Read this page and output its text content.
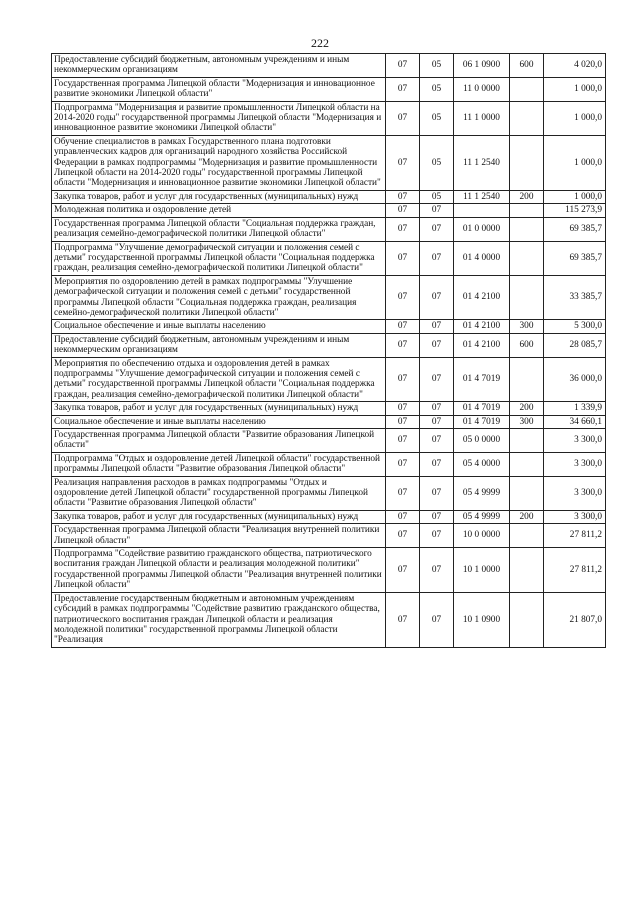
222
Предоставление субсидий бюджетным, автономным учреждениям и иным некоммерческим организациям	07	05	06 1 0900	600	4 020,0
Государственная программа Липецкой области "Модернизация и инновационное развитие экономики Липецкой области"	07	05	11 0 0000		1 000,0
Подпрограмма "Модернизация и развитие промышленности Липецкой области на 2014-2020 годы" государственной программы Липецкой области "Модернизация и инновационное развитие экономики Липецкой области"	07	05	11 1 0000		1 000,0
Обучение специалистов в рамках Государственного плана подготовки управленческих кадров для организаций народного хозяйства Российской Федерации в рамках подпрограммы "Модернизация и развитие промышленности Липецкой области на 2014-2020 годы" государственной программы Липецкой области "Модернизация и инновационное развитие экономики Липецкой области"	07	05	11 1 2540		1 000,0
Закупка товаров, работ и услуг для государственных (муниципальных) нужд	07	05	11 1 2540	200	1 000,0
Молодежная политика и оздоровление детей	07	07			115 273,9
Государственная программа Липецкой области "Социальная поддержка граждан, реализация семейно-демографической политики Липецкой области"	07	07	01 0 0000		69 385,7
Подпрограмма "Улучшение демографической ситуации и положения семей с детьми" государственной программы Липецкой области "Социальная поддержка граждан, реализация семейно-демографической политики Липецкой области"	07	07	01 4 0000		69 385,7
Мероприятия по оздоровлению детей в рамках подпрограммы "Улучшение демографической ситуации и положения семей с детьми" государственной программы Липецкой области "Социальная поддержка граждан, реализация семейно-демографической политики Липецкой области"	07	07	01 4 2100		33 385,7
Социальное обеспечение и иные выплаты населению	07	07	01 4 2100	300	5 300,0
Предоставление субсидий бюджетным, автономным учреждениям и иным некоммерческим организациям	07	07	01 4 2100	600	28 085,7
Мероприятия по обеспечению отдыха и оздоровления детей в рамках подпрограммы "Улучшение демографической ситуации и положения семей с детьми" государственной программы Липецкой области "Социальная поддержка граждан, реализация семейно-демографической политики Липецкой области"	07	07	01 4 7019		36 000,0
Закупка товаров, работ и услуг для государственных (муниципальных) нужд	07	07	01 4 7019	200	1 339,9
Социальное обеспечение и иные выплаты населению	07	07	01 4 7019	300	34 660,1
Государственная программа Липецкой области "Развитие образования Липецкой области"	07	07	05 0 0000		3 300,0
Подпрограмма "Отдых и оздоровление детей Липецкой области" государственной программы Липецкой области "Развитие образования Липецкой области"	07	07	05 4 0000		3 300,0
Реализация направления расходов в рамках подпрограммы "Отдых и оздоровление детей Липецкой области" государственной программы Липецкой области "Развитие образования Липецкой области"	07	07	05 4 9999		3 300,0
Закупка товаров, работ и услуг для государственных (муниципальных) нужд	07	07	05 4 9999	200	3 300,0
Государственная программа Липецкой области "Реализация внутренней политики Липецкой области"	07	07	10 0 0000		27 811,2
Подпрограмма "Содействие развитию гражданского общества, патриотического воспитания граждан Липецкой области и реализация молодежной политики" государственной программы Липецкой области "Реализация внутренней политики Липецкой области"	07	07	10 1 0000		27 811,2
Предоставление государственным бюджетным и автономным учреждениям субсидий в рамках подпрограммы "Содействие развитию гражданского общества, патриотического воспитания граждан Липецкой области и реализация молодежной политики" государственной программы Липецкой области "Реализация	07	07	10 1 0900		21 807,0
